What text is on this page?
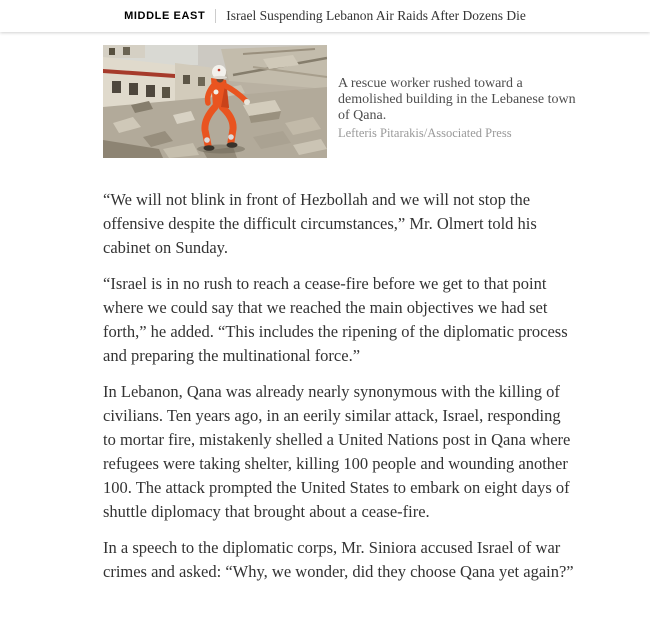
MIDDLE EAST Israel Suspending Lebanon Air Raids After Dozens Die

A rescue worker rushed toward a demolished building in the Lebanese town of Qana.

Lefteris Pitarakis/Associated Press

“We will not blink in front of Hezbollah and we will not stop the offensive despite the difficult circumstances,” Mr. Olmert told his cabinet on Sunday.

“Israel is in no rush to reach a cease-fire before we get to that point where we could say that we reached the main objectives we had set forth,” he added. “This includes the ripening of the diplomatic process and preparing the multinational force.”

In Lebanon, Qana was already nearly synonymous with the killing of civilians. Ten years ago, in an eerily similar attack, Israel, responding to mortar fire, mistakenly shelled a United Nations post in Qana where refugees were taking shelter, killing 100 people and wounding another 100. The attack prompted the United States to embark on eight days of shuttle diplomacy that brought about a cease-fire.

In a speech to the diplomatic corps, Mr. Siniora accused Israel of war crimes and asked: “Why, we wonder, did they choose Qana yet again?”
